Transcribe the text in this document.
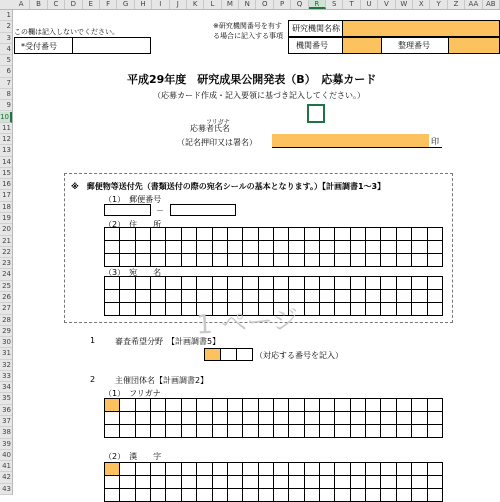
A	B	C	D	E	F	G	H	I	J	K	L	M	N	O	P	Q	R	S	T	U	V	W	X	Y	Z	AA	AB
1
2
3
4
5
6
7
8
9
10
11
12
13
14
15
16
17
18
19
20
21
22
23
24
25
26
27
28
29
30
31
32
33
34
35
36
37
38
39
40
41
42
43
この欄は記入しないでください。
*受付番号
※研究機関番号を有する場合に記入する事項
研究機関名称
機関番号	整理番号
平成29年度　研究成果公開発表（B）　応募カード
（応募カード作成・記入要領に基づき記入してください。）
フリガナ
応募者氏名
（記名押印又は署名）	印
※　郵便物等送付先（書類送付の際の宛名シールの基本となります。）【計画調書1～3】
（1）　郵便番号
－
（2）　住　　所
（3）　宛　　名
1 ページ
1 審査希望分野　【計画調書5】
（対応する番号を記入）
2 主催団体名【計画調書2】
（1）　フリガナ
（2）　漢　　字
